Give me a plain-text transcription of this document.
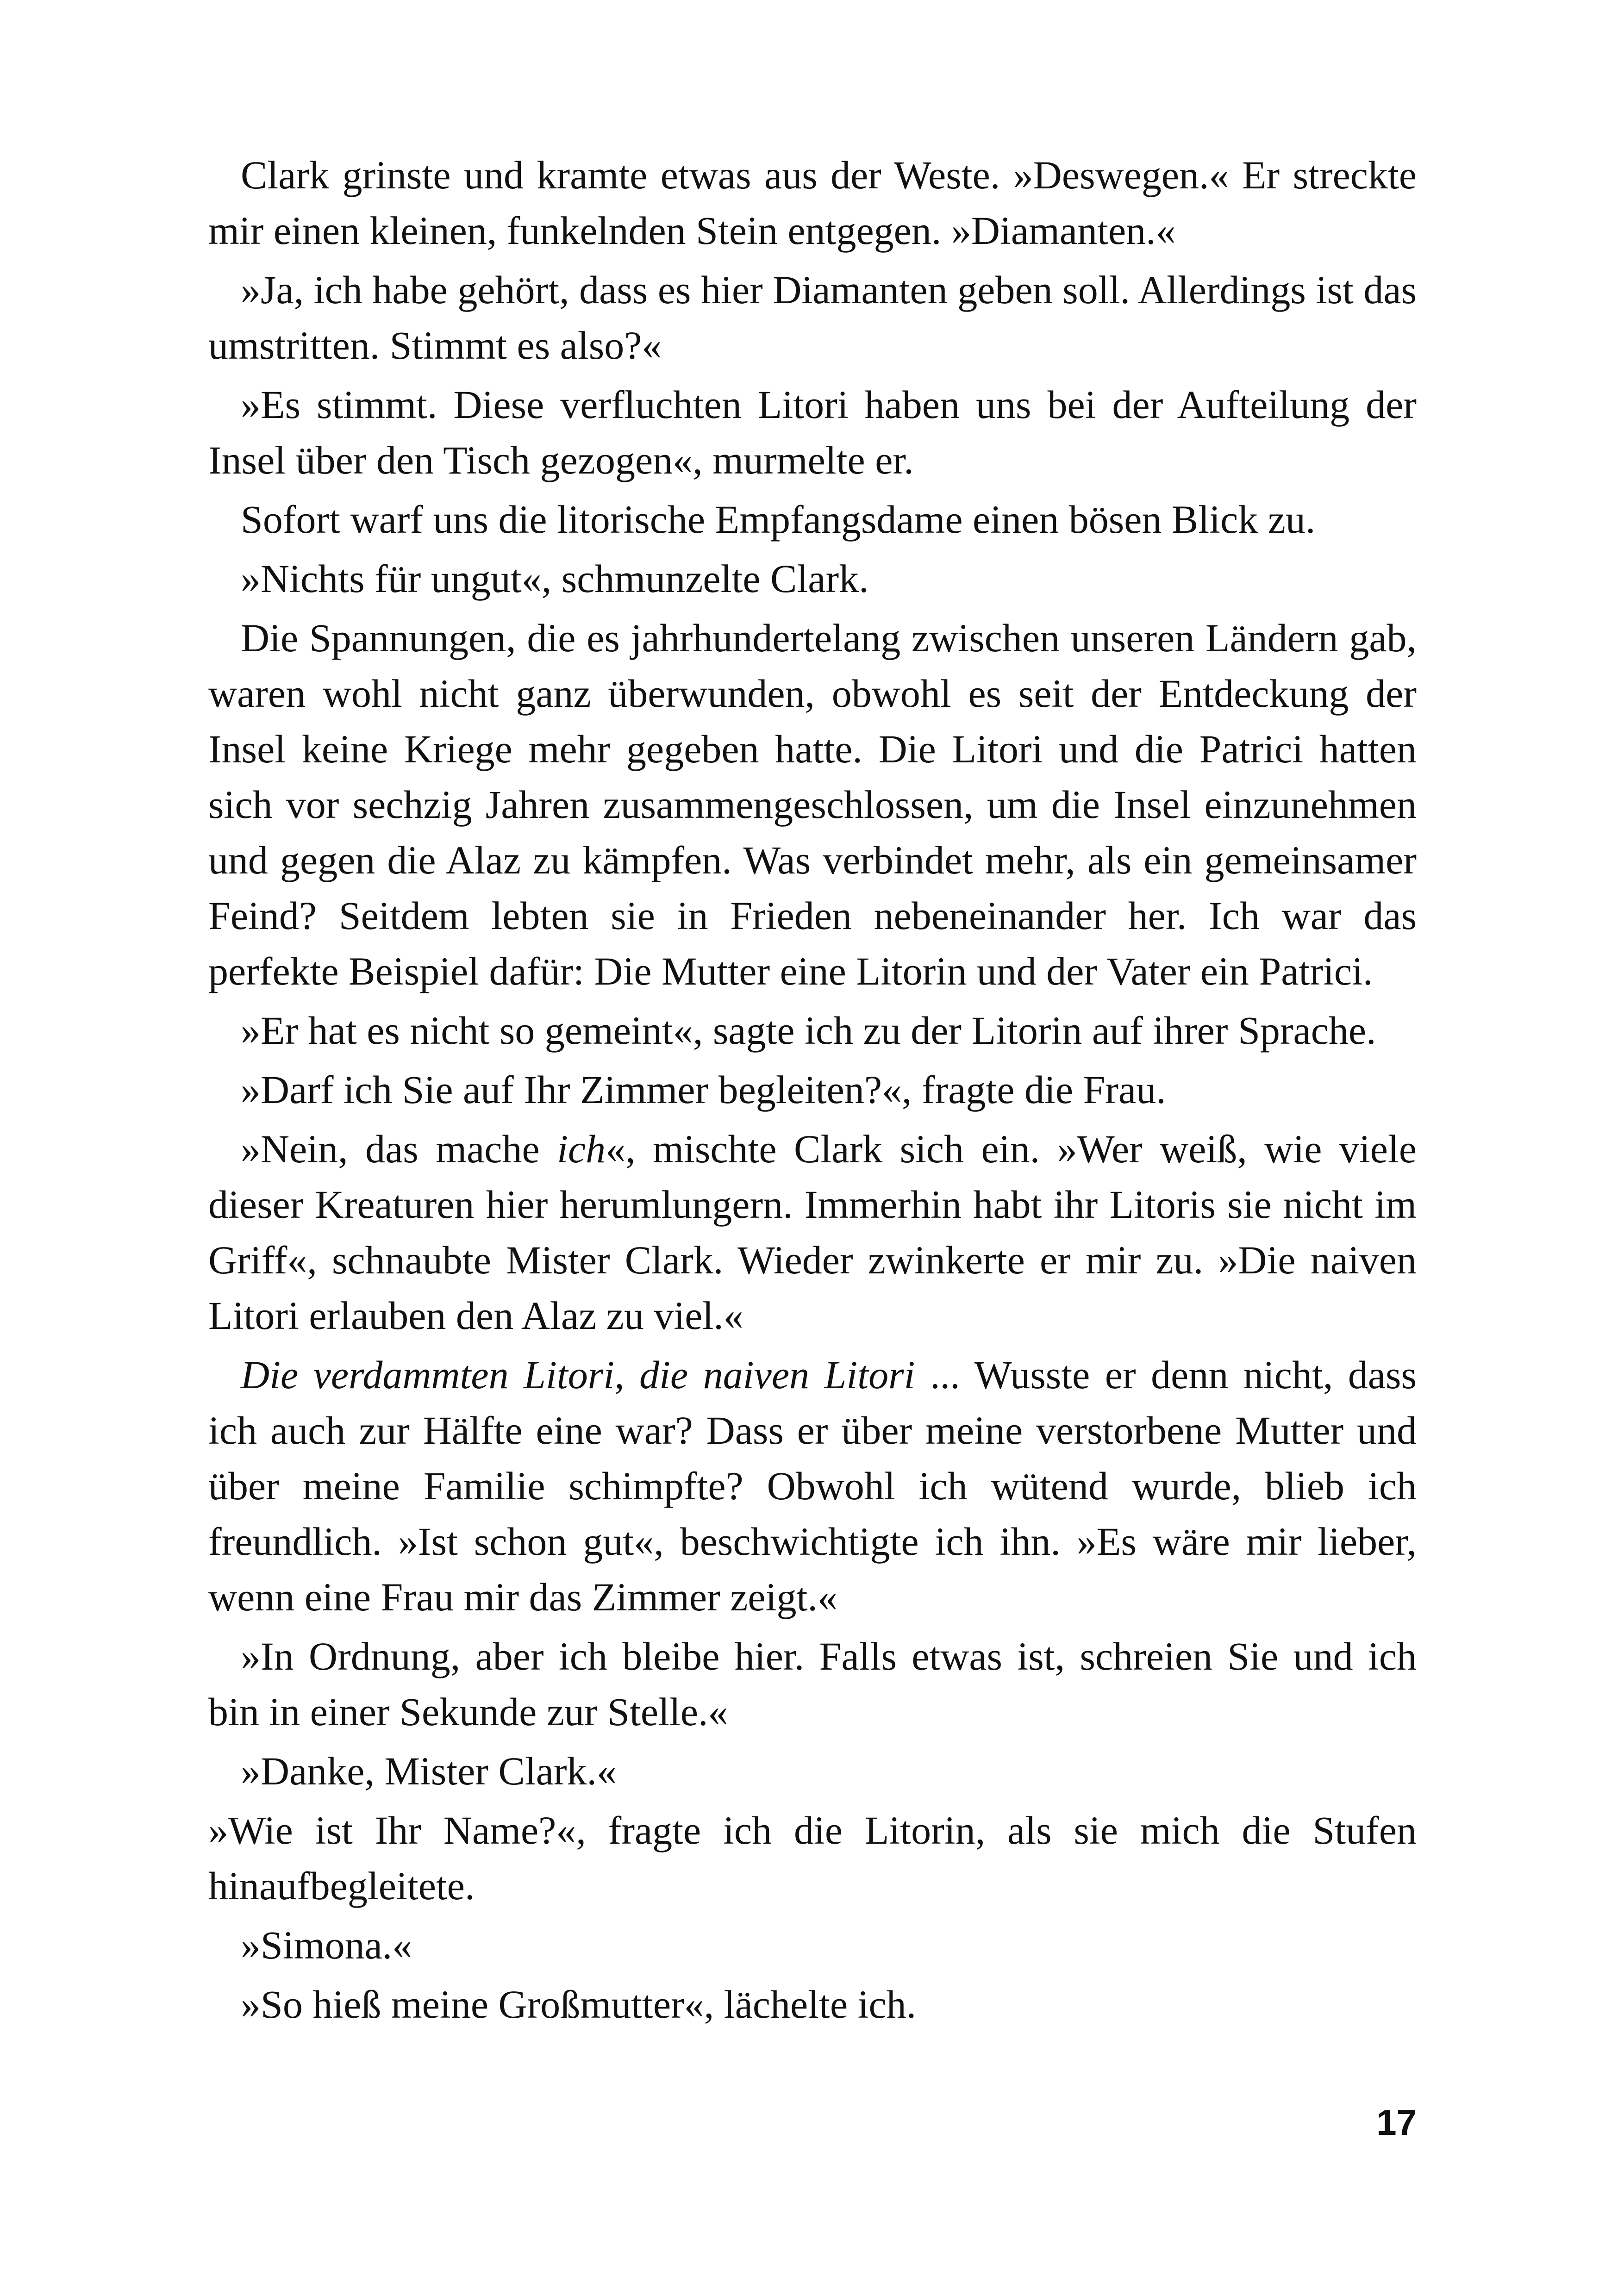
Clark grinste und kramte etwas aus der Weste. »Deswegen.« Er streckte mir einen kleinen, funkelnden Stein entgegen. »Diamanten.«

»Ja, ich habe gehört, dass es hier Diamanten geben soll. Allerdings ist das umstritten. Stimmt es also?«

»Es stimmt. Diese verfluchten Litori haben uns bei der Aufteilung der Insel über den Tisch gezogen«, murmelte er.

Sofort warf uns die litorische Empfangsdame einen bösen Blick zu.

»Nichts für ungut«, schmunzelte Clark.

Die Spannungen, die es jahrhundertelang zwischen unseren Ländern gab, waren wohl nicht ganz überwunden, obwohl es seit der Entdeckung der Insel keine Kriege mehr gegeben hatte. Die Litori und die Patrici hatten sich vor sechzig Jahren zusammengeschlossen, um die Insel einzunehmen und gegen die Alaz zu kämpfen. Was verbindet mehr, als ein gemeinsamer Feind? Seitdem lebten sie in Frieden nebeneinander her. Ich war das perfekte Beispiel dafür: Die Mutter eine Litorin und der Vater ein Patrici.

»Er hat es nicht so gemeint«, sagte ich zu der Litorin auf ihrer Sprache.

»Darf ich Sie auf Ihr Zimmer begleiten?«, fragte die Frau.

»Nein, das mache ich«, mischte Clark sich ein. »Wer weiß, wie viele dieser Kreaturen hier herumlungern. Immerhin habt ihr Litoris sie nicht im Griff«, schnaubte Mister Clark. Wieder zwinkerte er mir zu. »Die naiven Litori erlauben den Alaz zu viel.«

Die verdammten Litori, die naiven Litori ... Wusste er denn nicht, dass ich auch zur Hälfte eine war? Dass er über meine verstorbene Mutter und über meine Familie schimpfte? Obwohl ich wütend wurde, blieb ich freundlich. »Ist schon gut«, beschwichtigte ich ihn. »Es wäre mir lieber, wenn eine Frau mir das Zimmer zeigt.«

»In Ordnung, aber ich bleibe hier. Falls etwas ist, schreien Sie und ich bin in einer Sekunde zur Stelle.«

»Danke, Mister Clark.«

»Wie ist Ihr Name?«, fragte ich die Litorin, als sie mich die Stufen hinaufbegleitete.

»Simona.«

»So hieß meine Großmutter«, lächelte ich.

17
